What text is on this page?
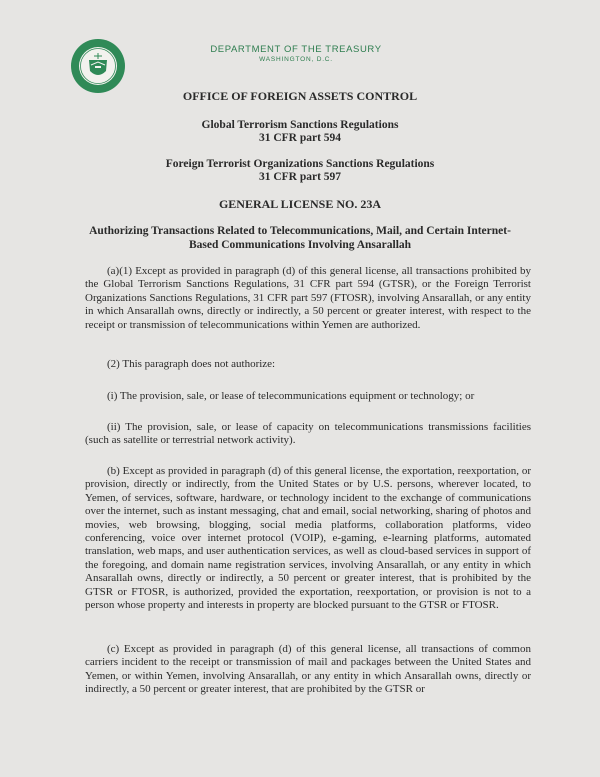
DEPARTMENT OF THE TREASURY
WASHINGTON, D.C.
OFFICE OF FOREIGN ASSETS CONTROL
Global Terrorism Sanctions Regulations
31 CFR part 594
Foreign Terrorist Organizations Sanctions Regulations
31 CFR part 597
GENERAL LICENSE NO. 23A
Authorizing Transactions Related to Telecommunications, Mail, and Certain Internet-Based Communications Involving Ansarallah

(a)(1) Except as provided in paragraph (d) of this general license, all transactions prohibited by the Global Terrorism Sanctions Regulations, 31 CFR part 594 (GTSR), or the Foreign Terrorist Organizations Sanctions Regulations, 31 CFR part 597 (FTOSR), involving Ansarallah, or any entity in which Ansarallah owns, directly or indirectly, a 50 percent or greater interest, with respect to the receipt or transmission of telecommunications within Yemen are authorized.

(2) This paragraph does not authorize:

(i) The provision, sale, or lease of telecommunications equipment or technology; or

(ii) The provision, sale, or lease of capacity on telecommunications transmissions facilities (such as satellite or terrestrial network activity).

(b) Except as provided in paragraph (d) of this general license, the exportation, reexportation, or provision, directly or indirectly, from the United States or by U.S. persons, wherever located, to Yemen, of services, software, hardware, or technology incident to the exchange of communications over the internet, such as instant messaging, chat and email, social networking, sharing of photos and movies, web browsing, blogging, social media platforms, collaboration platforms, video conferencing, voice over internet protocol (VOIP), e-gaming, e-learning platforms, automated translation, web maps, and user authentication services, as well as cloud-based services in support of the foregoing, and domain name registration services, involving Ansarallah, or any entity in which Ansarallah owns, directly or indirectly, a 50 percent or greater interest, that is prohibited by the GTSR or FTOSR, is authorized, provided the exportation, reexportation, or provision is not to a person whose property and interests in property are blocked pursuant to the GTSR or FTOSR.

(c) Except as provided in paragraph (d) of this general license, all transactions of common carriers incident to the receipt or transmission of mail and packages between the United States and Yemen, or within Yemen, involving Ansarallah, or any entity in which Ansarallah owns, directly or indirectly, a 50 percent or greater interest, that are prohibited by the GTSR or
